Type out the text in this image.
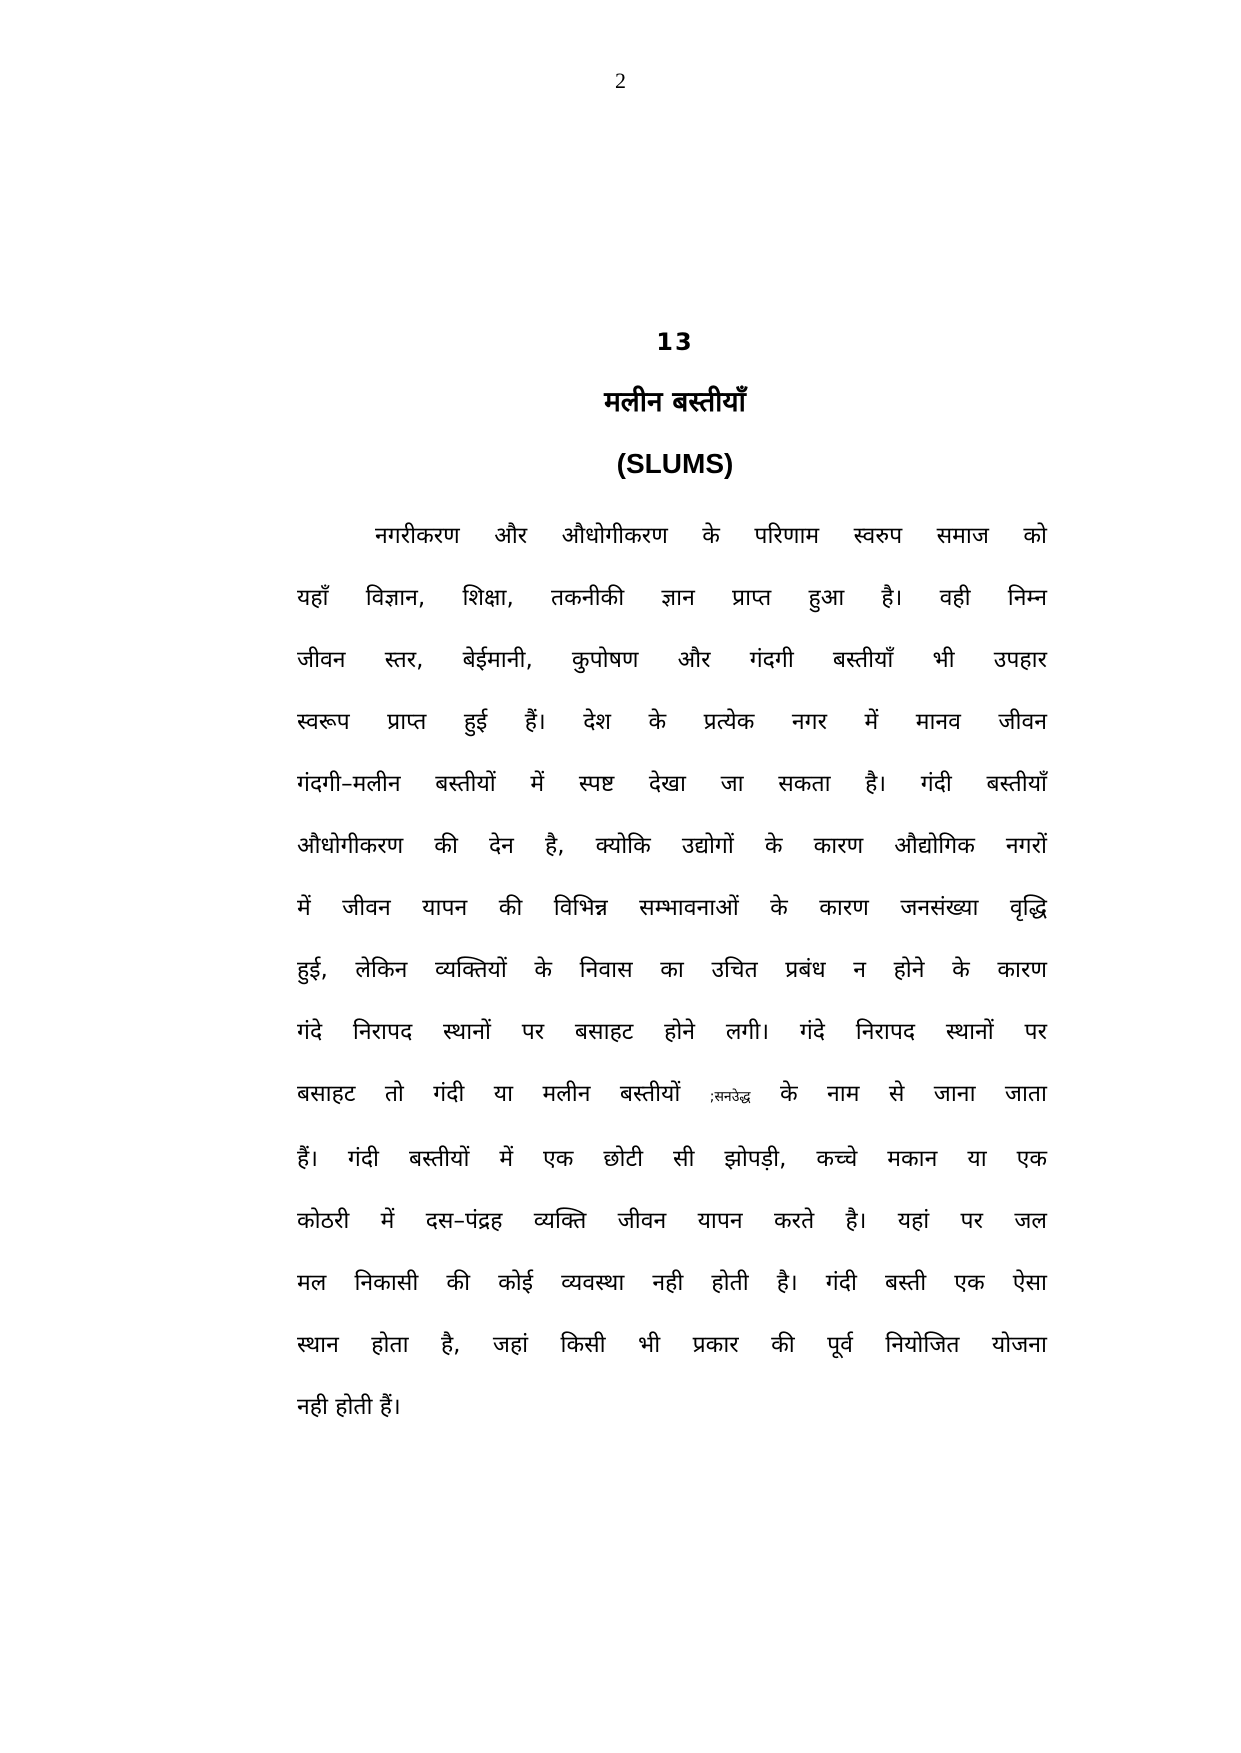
2
13
मलीन बस्तीयाँ
(SLUMS)
नगरीकरण और औधोगीकरण के परिणाम स्वरुप समाज को
यहाँ विज्ञान, शिक्षा, तकनीकी ज्ञान प्राप्त हुआ है। वही निम्न
जीवन स्तर, बेईमानी, कुपोषण और गंदगी बस्तीयाँ भी उपहार
स्वरूप प्राप्त हुई हैं। देश के प्रत्येक नगर में मानव जीवन
गंदगी–मलीन बस्तीयों में स्पष्ट देखा जा सकता है। गंदी बस्तीयाँ
औधोगीकरण की देन है, क्योकि उद्योगों के कारण औद्योगिक नगरों
में जीवन यापन की विभिन्न सम्भावनाओं के कारण जनसंख्या वृद्धि
हुई, लेकिन व्यक्तियों के निवास का उचित प्रबंध न होने के कारण
गंदे निरापद स्थानों पर बसाहट होने लगी। गंदे निरापद स्थानों पर
बसाहट तो गंदी या मलीन बस्तीयों ;सनउेद्ध के नाम से जाना जाता
हैं। गंदी बस्तीयों में एक छोटी सी झोपड़ी, कच्चे मकान या एक
कोठरी में दस–पंद्रह व्यक्ति जीवन यापन करते है। यहां पर जल
मल निकासी की कोई व्यवस्था नही होती है। गंदी बस्ती एक ऐसा
स्थान होता है, जहां किसी भी प्रकार की पूर्व नियोजित योजना
नही होती हैं।
